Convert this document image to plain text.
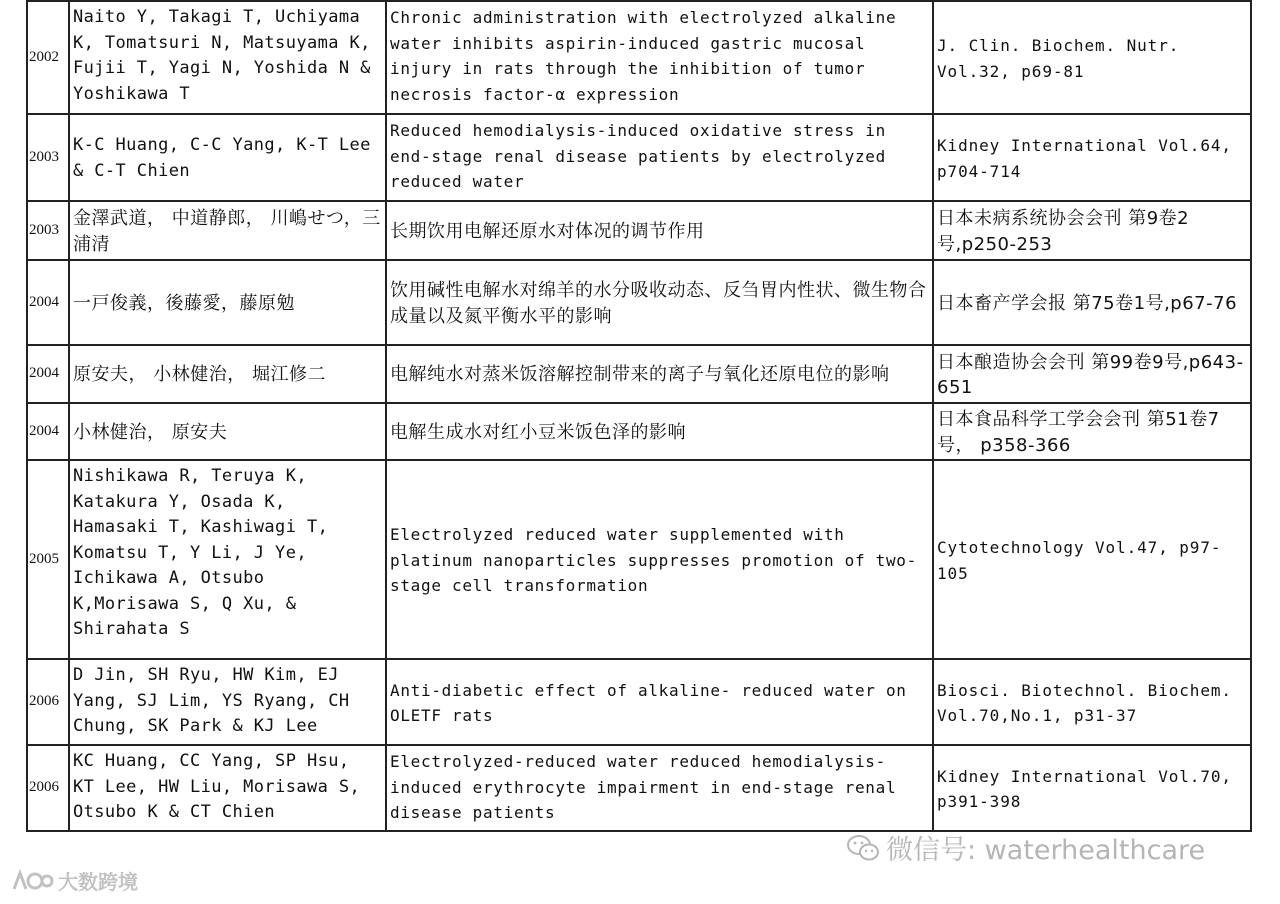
2002	Naito Y, Takagi T, Uchiyama K, Tomatsuri N, Matsuyama K, Fujii T, Yagi N, Yoshida N & Yoshikawa T	Chronic administration with electrolyzed alkaline water inhibits aspirin-induced gastric mucosal injury in rats through the inhibition of tumor necrosis factor-α expression	J. Clin. Biochem. Nutr. Vol.32, p69-81
2003	K-C Huang, C-C Yang, K-T Lee & C-T Chien	Reduced hemodialysis-induced oxidative stress in end-stage renal disease patients by electrolyzed reduced water	Kidney International Vol.64, p704-714
2003	金澤武道， 中道静郎， 川嶋せつ，三浦清	长期饮用电解还原水对体况的调节作用	日本未病系统协会会刊 第9卷2号,p250-253
2004	一戸俊義，後藤愛，藤原勉	饮用碱性电解水对绵羊的水分吸收动态、反刍胃内性状、微生物合成量以及氮平衡水平的影响	日本畜产学会报 第75卷1号,p67-76
2004	原安夫， 小林健治， 堀江修二	电解纯水对蒸米饭溶解控制带来的离子与氧化还原电位的影响	日本酿造协会会刊 第99卷9号,p643-651
2004	小林健治， 原安夫	电解生成水对红小豆米饭色泽的影响	日本食品科学工学会会刊 第51卷7号， p358-366
2005	Nishikawa R, Teruya K, Katakura Y, Osada K, Hamasaki T, Kashiwagi T, Komatsu T, Y Li, J Ye, Ichikawa A, Otsubo K,Morisawa S, Q Xu, & Shirahata S	Electrolyzed reduced water supplemented with platinum nanoparticles suppresses promotion of two-stage cell transformation	Cytotechnology Vol.47, p97-105
2006	D Jin, SH Ryu, HW Kim, EJ Yang, SJ Lim, YS Ryang, CH Chung, SK Park & KJ Lee	Anti-diabetic effect of alkaline- reduced water on OLETF rats	Biosci. Biotechnol. Biochem. Vol.70,No.1, p31-37
2006	KC Huang, CC Yang, SP Hsu, KT Lee, HW Liu, Morisawa S, Otsubo K & CT Chien	Electrolyzed-reduced water reduced hemodialysis-induced erythrocyte impairment in end-stage renal disease patients	Kidney International Vol.70, p391-398
微信号: waterhealthcare
大数跨境
